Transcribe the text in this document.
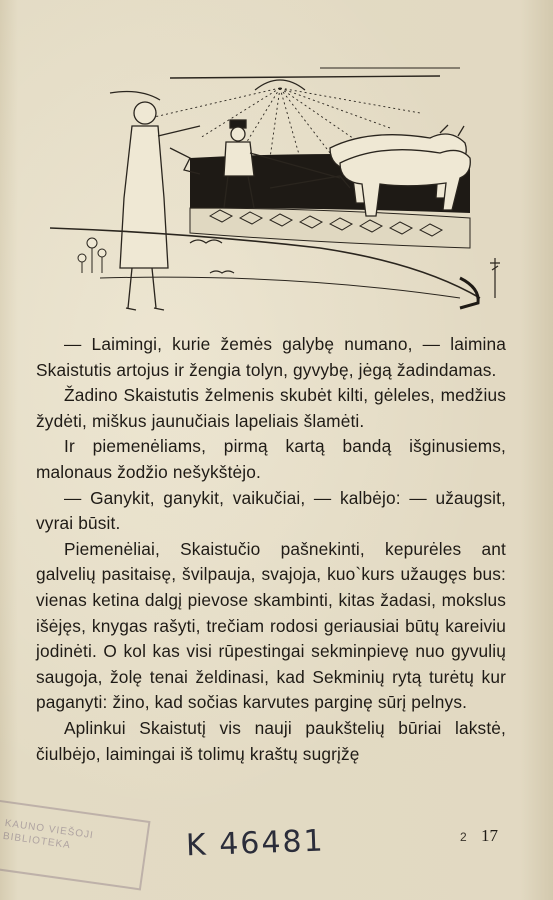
— Laimingi, kurie žemės galybę numano, — laimina Skaistutis artojus ir žengia tolyn, gyvybę, jėgą žadindamas.

Žadino Skaistutis želmenis skubėt kilti, gėleles, medžius žydėti, miškus jaunučiais lapeliais šlamėti.

Ir piemenėliams, pirmą kartą bandą išginusiems, malonaus žodžio nešykštėjo.

— Ganykit, ganykit, vaikučiai, — kalbėjo: — užaugsit, vyrai būsit.

Piemenėliai, Skaistučio pašnekinti, kepurėles ant galvelių pasitaisę, švilpauja, svajoja, kuo`kurs užaugęs bus: vienas ketina dalgį pievose skambinti, kitas žadasi, mokslus išėjęs, knygas rašyti, trečiam rodosi geriausiai būtų kareiviu jodinėti. O kol kas visi rūpestingai sekminpievę nuo gyvulių saugoja, žolę tenai želdinasi, kad Sekminių rytą turėtų kur paganyti: žino, kad sočias karvutes parginę sūrį pelnys.

Aplinkui Skaistutį vis nauji paukštelių būriai lakstė, čiulbėjo, laimingai iš tolimų kraštų sugrįžę

KAUNO VIEŠOJI BIBLIOTEKA	K 46481	2 17
